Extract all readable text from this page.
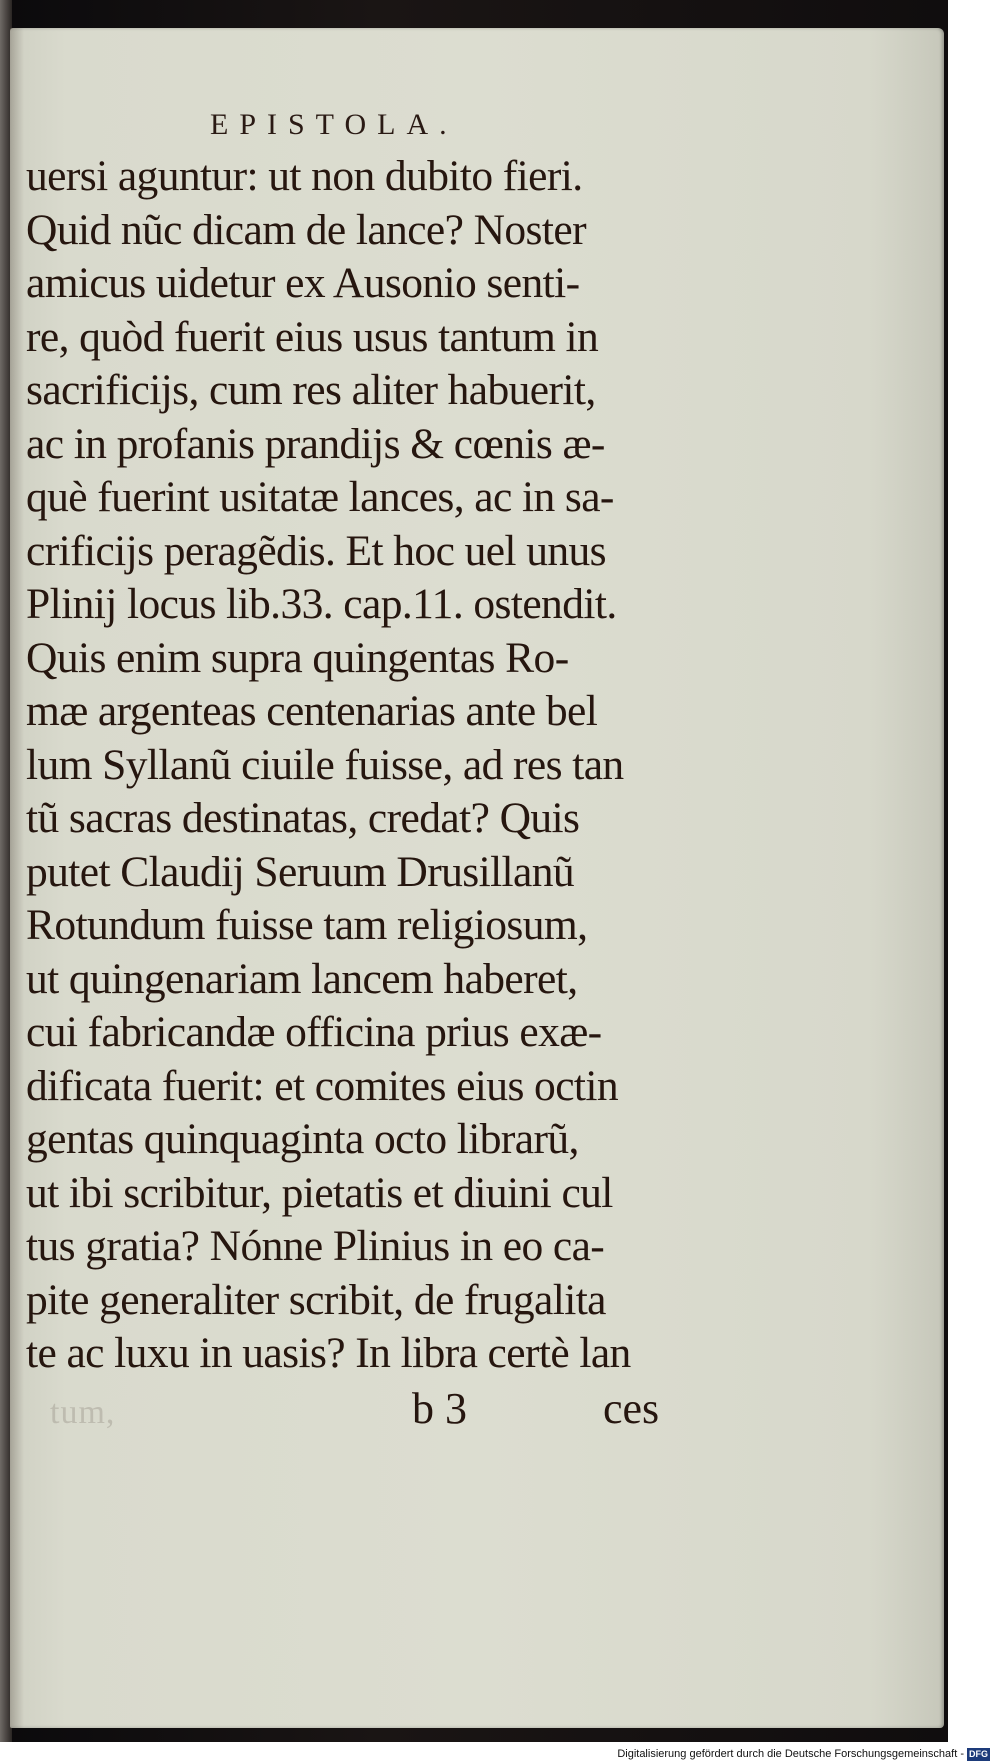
EPISTOLA.
uersi aguntur: ut non dubito fieri.
Quid nũc dicam de lance? Noster
amicus uidetur ex Ausonio senti-
re, quòd fuerit eius usus tantum in
sacrificijs, cum res aliter habuerit,
ac in profanis prandijs & cœnis æ-
què fuerint usitatæ lances, ac in sa-
crificijs peragẽdis. Et hoc uel unus
Plinij locus lib.33. cap.11. ostendit.
Quis enim supra quingentas Ro-
mæ argenteas centenarias ante bel
lum Syllanũ ciuile fuisse, ad res tan
tũ sacras destinatas, credat? Quis
putet Claudij Seruum Drusillanũ
Rotundum fuisse tam religiosum,
ut quingenariam lancem haberet,
cui fabricandæ officina prius exæ-
dificata fuerit: et comites eius octin
gentas quinquaginta octo librarũ,
ut ibi scribitur, pietatis et diuini cul
tus gratia? Nónne Plinius in eo ca-
pite generaliter scribit, de frugalita
te ac luxu in uasis? In libra certè lan
tum,	b 3	ces
Digitalisierung gefördert durch die Deutsche Forschungsgemeinschaft - DFG
